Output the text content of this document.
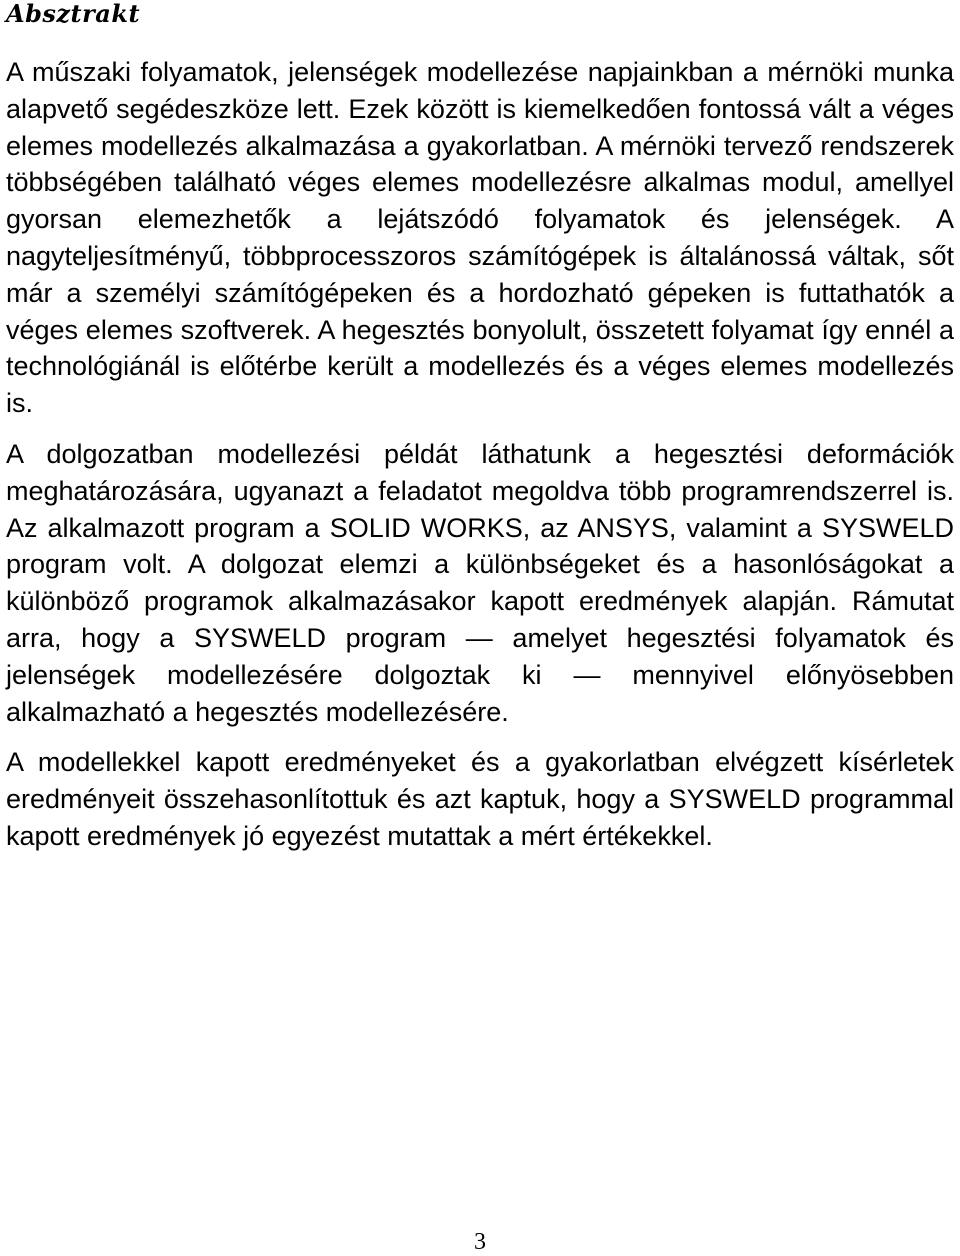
Absztrakt

A műszaki folyamatok, jelenségek modellezése napjainkban a mérnöki munka alapvető segédeszköze lett. Ezek között is kiemelkedően fontossá vált a véges elemes modellezés alkalmazása a gyakorlatban. A mérnöki tervező rendszerek többségében található véges elemes modellezésre alkalmas modul, amellyel gyorsan elemezhetők a lejátszódó folyamatok és jelenségek. A nagyteljesítményű, többprocesszoros számítógépek is általánossá váltak, sőt már a személyi számítógépeken és a hordozható gépeken is futtathatók a véges elemes szoftverek. A hegesztés bonyolult, összetett folyamat így ennél a technológiánál is előtérbe került a modellezés és a véges elemes modellezés is.

A dolgozatban modellezési példát láthatunk a hegesztési deformációk meghatározására, ugyanazt a feladatot megoldva több programrendszerrel is. Az alkalmazott program a SOLID WORKS, az ANSYS, valamint a SYSWELD program volt. A dolgozat elemzi a különbségeket és a hasonlóságokat a különböző programok alkalmazásakor kapott eredmények alapján. Rámutat arra, hogy a SYSWELD program — amelyet hegesztési folyamatok és jelenségek modellezésére dolgoztak ki — mennyivel előnyösebben alkalmazható a hegesztés modellezésére.

A modellekkel kapott eredményeket és a gyakorlatban elvégzett kísérletek eredményeit összehasonlítottuk és azt kaptuk, hogy a SYSWELD programmal kapott eredmények jó egyezést mutattak a mért értékekkel.

3
